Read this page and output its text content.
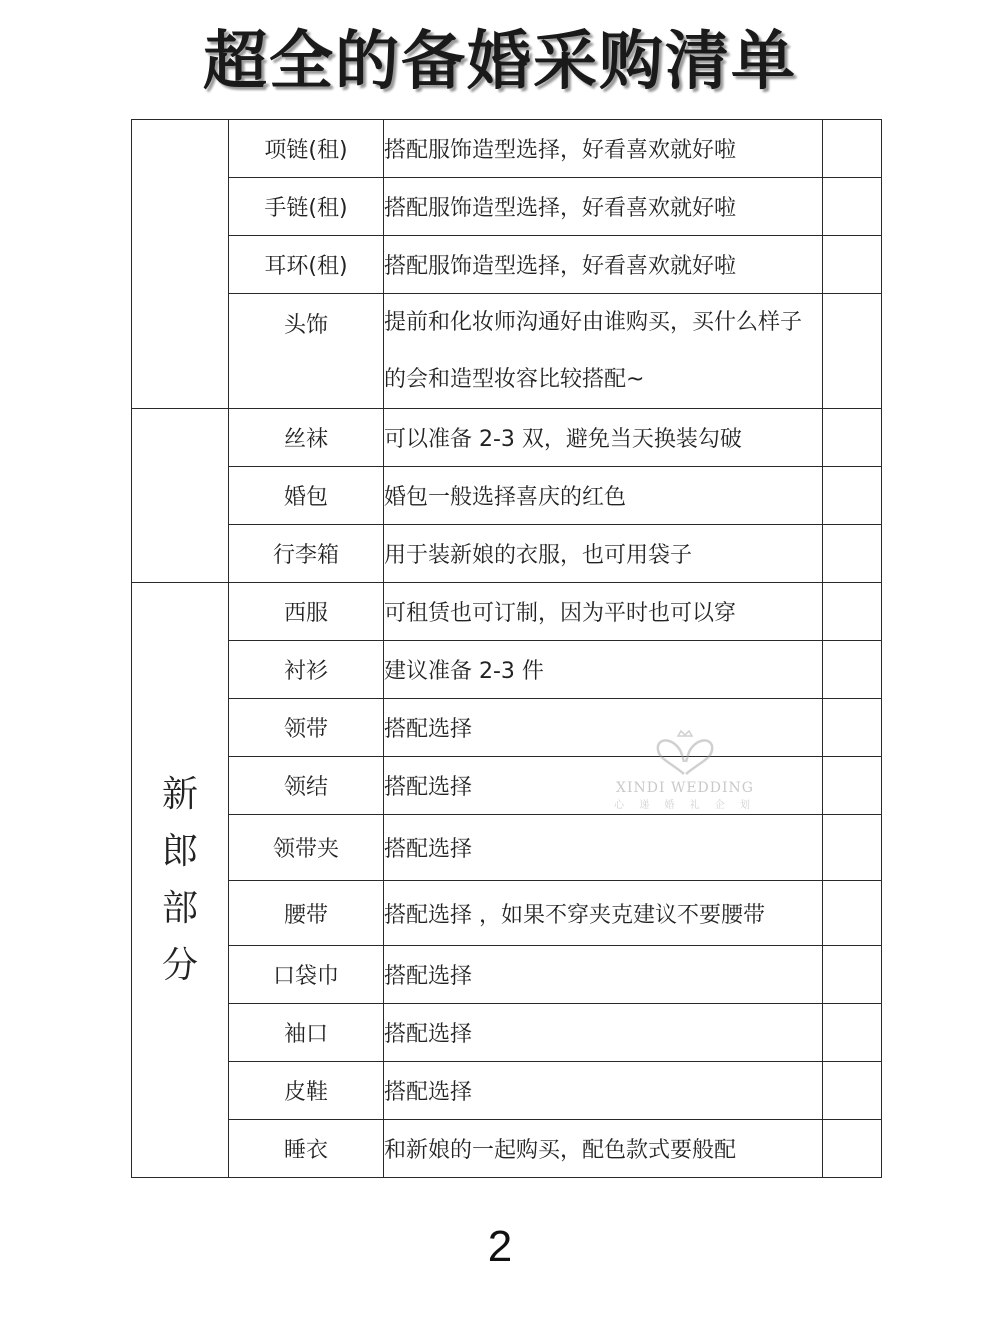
超全的备婚采购清单
	项链(租)	搭配服饰造型选择，好看喜欢就好啦	
	手链(租)	搭配服饰造型选择，好看喜欢就好啦	
	耳环(租)	搭配服饰造型选择，好看喜欢就好啦	
	头饰	提前和化妆师沟通好由谁购买，买什么样子的会和造型妆容比较搭配~	

	丝袜	可以准备 2-3 双，避免当天换装勾破	
	婚包	婚包一般选择喜庆的红色	
	行李箱	用于装新娘的衣服，也可用袋子	
新郎部分	西服	可租赁也可订制，因为平时也可以穿	
	衬衫	建议准备 2-3 件	
	领带	搭配选择	
	领结	搭配选择	
	领带夹	搭配选择	
	腰带	搭配选择 ，如果不穿夹克建议不要腰带	
	口袋巾	搭配选择	
	袖口	搭配选择	
	皮鞋	搭配选择	
	睡衣	和新娘的一起购买，配色款式要般配	
XINDI WEDDING
心 递 婚 礼 企 划
2
